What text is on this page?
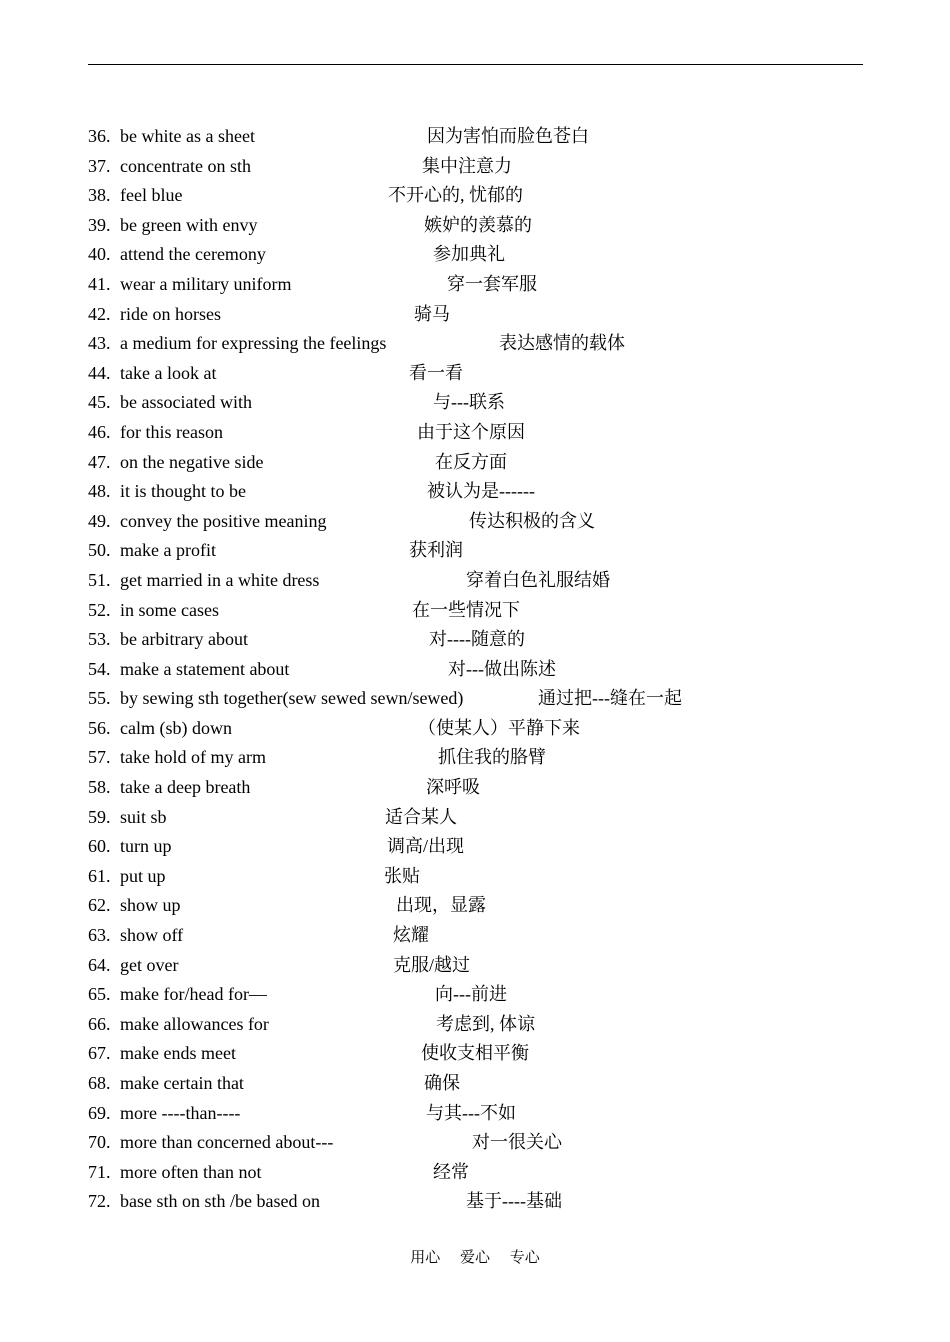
36. be white as a sheet	因为害怕而脸色苍白
37. concentrate on sth	集中注意力
38. feel blue	不开心的, 忧郁的
39. be green with envy	嫉妒的羡慕的
40. attend the ceremony	参加典礼
41. wear a military uniform	穿一套军服
42. ride on horses	骑马
43. a medium for expressing the feelings	表达感情的载体
44. take a look at	看一看
45. be associated with	与---联系
46. for this reason	由于这个原因
47. on the negative side	在反方面
48. it is thought to be	被认为是------
49. convey the positive meaning	传达积极的含义
50. make a profit	获利润
51. get married in a white dress	穿着白色礼服结婚
52. in some cases	在一些情况下
53. be arbitrary about	对----随意的
54. make a statement about	对---做出陈述
55. by sewing sth together(sew sewed sewn/sewed)	通过把---缝在一起
56. calm (sb) down	（使某人）平静下来
57. take hold of my arm	抓住我的胳臂
58. take a deep breath	深呼吸
59. suit sb	适合某人
60. turn up	调高/出现
61. put up	张贴
62. show up	出现，显露
63. show off	炫耀
64. get over	克服/越过
65. make for/head for—	向---前进
66. make allowances for	考虑到, 体谅
67. make ends meet	使收支相平衡
68. make certain that	确保
69. more ----than----	与其---不如
70. more than concerned about---	对一很关心
71. more often than not	经常
72. base sth on sth /be based on	基于----基础
用心 爱心 专心
